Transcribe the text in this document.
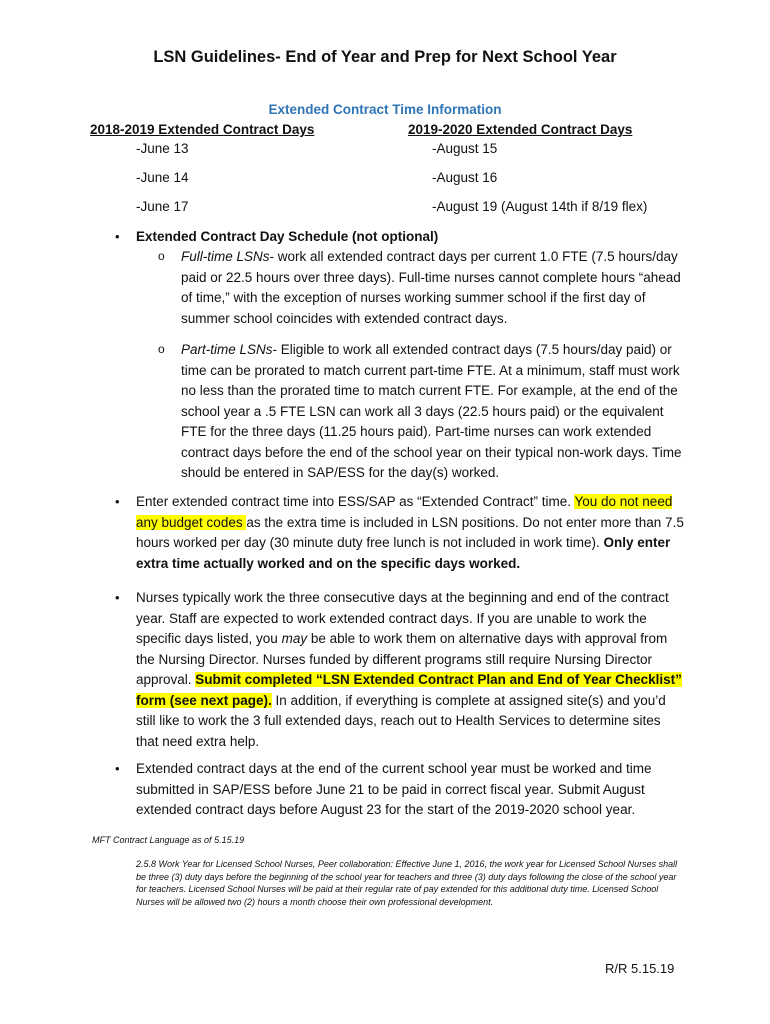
LSN Guidelines- End of Year and Prep for Next School Year
Extended Contract Time Information
2018-2019 Extended Contract Days	2019-2020 Extended Contract Days
-June 13
-June 14
-June 17
-August 15
-August 16
-August 19 (August 14th if 8/19 flex)
• Extended Contract Day Schedule (not optional)
o Full-time LSNs- work all extended contract days per current 1.0 FTE (7.5 hours/day paid or 22.5 hours over three days). Full-time nurses cannot complete hours “ahead of time,” with the exception of nurses working summer school if the first day of summer school coincides with extended contract days.
o Part-time LSNs- Eligible to work all extended contract days (7.5 hours/day paid) or time can be prorated to match current part-time FTE. At a minimum, staff must work no less than the prorated time to match current FTE. For example, at the end of the school year a .5 FTE LSN can work all 3 days (22.5 hours paid) or the equivalent FTE for the three days (11.25 hours paid). Part-time nurses can work extended contract days before the end of the school year on their typical non-work days. Time should be entered in SAP/ESS for the day(s) worked.
• Enter extended contract time into ESS/SAP as “Extended Contract” time. You do not need any budget codes as the extra time is included in LSN positions. Do not enter more than 7.5 hours worked per day (30 minute duty free lunch is not included in work time). Only enter extra time actually worked and on the specific days worked.
• Nurses typically work the three consecutive days at the beginning and end of the contract year. Staff are expected to work extended contract days. If you are unable to work the specific days listed, you may be able to work them on alternative days with approval from the Nursing Director. Nurses funded by different programs still require Nursing Director approval. Submit completed “LSN Extended Contract Plan and End of Year Checklist” form (see next page). In addition, if everything is complete at assigned site(s) and you’d still like to work the 3 full extended days, reach out to Health Services to determine sites that need extra help.
• Extended contract days at the end of the current school year must be worked and time submitted in SAP/ESS before June 21 to be paid in correct fiscal year. Submit August extended contract days before August 23 for the start of the 2019-2020 school year.
MFT Contract Language as of 5.15.19
2.5.8 Work Year for Licensed School Nurses, Peer collaboration: Effective June 1, 2016, the work year for Licensed School Nurses shall be three (3) duty days before the beginning of the school year for teachers and three (3) duty days following the close of the school year for teachers. Licensed School Nurses will be paid at their regular rate of pay extended for this additional duty time. Licensed School Nurses will be allowed two (2) hours a month choose their own professional development.
R/R 5.15.19
